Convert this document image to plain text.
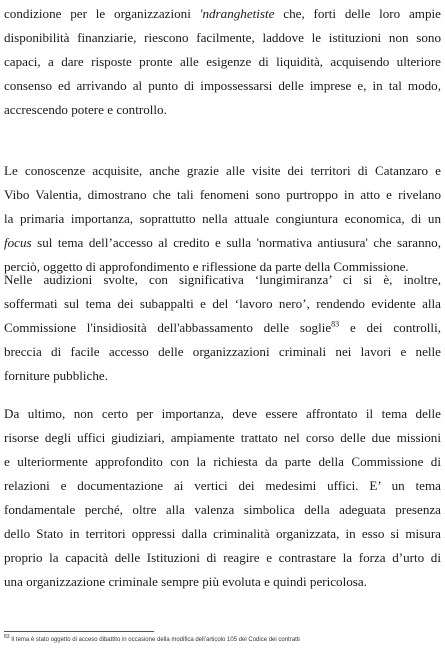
condizione per le organizzazioni 'ndranghetiste che, forti delle loro ampie
disponibilità finanziarie, riescono facilmente, laddove le istituzioni non sono
capaci, a dare risposte pronte alle esigenze di liquidità, acquisendo ulteriore
consenso ed arrivando al punto di impossessarsi delle imprese e, in tal modo,
accrescendo potere e controllo.
Le conoscenze acquisite, anche grazie alle visite dei territori di Catanzaro e
Vibo Valentia, dimostrano che tali fenomeni sono purtroppo in atto e rivelano
la primaria importanza, soprattutto nella attuale congiuntura economica, di un
focus sul tema dell’accesso al credito e sulla 'normativa antiusura' che saranno,
perciò, oggetto di approfondimento e riflessione da parte della Commissione.
Nelle audizioni svolte, con significativa ‘lungimiranza’ ci si è, inoltre,
soffermati sul tema dei subappalti e del ‘lavoro nero’, rendendo evidente alla
Commissione l'insidiosità dell'abbassamento delle soglie$^{83}$ e dei controlli,
breccia di facile accesso delle organizzazioni criminali nei lavori e nelle
forniture pubbliche.
Da ultimo, non certo per importanza, deve essere affrontato il tema delle
risorse degli uffici giudiziari, ampiamente trattato nel corso delle due missioni
e ulteriormente approfondito con la richiesta da parte della Commissione di
relazioni e documentazione ai vertici dei medesimi uffici. E’ un tema
fondamentale perché, oltre alla valenza simbolica della adeguata presenza
dello Stato in territori oppressi dalla criminalità organizzata, in esso si misura
proprio la capacità delle Istituzioni di reagire e contrastare la forza d’urto di
una organizzazione criminale sempre più evoluta e quindi pericolosa.
$^{83}$ Il tema è stato oggetto di acceso dibattito in occasione della modifica dell’articolo 105 del Codice dei contratti
